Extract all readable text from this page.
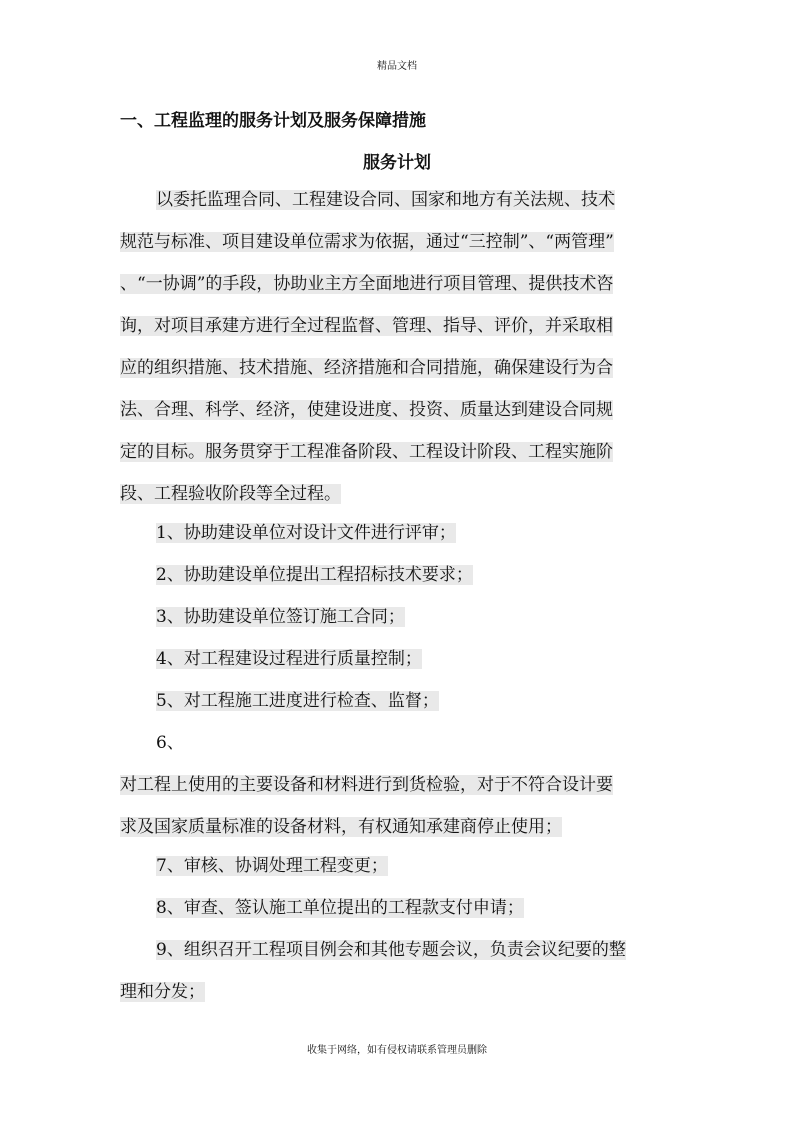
精品文档
一、工程监理的服务计划及服务保障措施
服务计划
以委托监理合同、工程建设合同、国家和地方有关法规、技术
规范与标准、项目建设单位需求为依据，通过“三控制”、“两管理”
、“一协调”的手段，协助业主方全面地进行项目管理、提供技术咨
询，对项目承建方进行全过程监督、管理、指导、评价，并采取相
应的组织措施、技术措施、经济措施和合同措施，确保建设行为合
法、合理、科学、经济，使建设进度、投资、质量达到建设合同规
定的目标。服务贯穿于工程准备阶段、工程设计阶段、工程实施阶
段、工程验收阶段等全过程。
1、协助建设单位对设计文件进行评审；
2、协助建设单位提出工程招标技术要求；
3、协助建设单位签订施工合同；
4、对工程建设过程进行质量控制；
5、对工程施工进度进行检查、监督；
6、
对工程上使用的主要设备和材料进行到货检验，对于不符合设计要
求及国家质量标准的设备材料，有权通知承建商停止使用；
7、审核、协调处理工程变更；
8、审查、签认施工单位提出的工程款支付申请；
9、组织召开工程项目例会和其他专题会议，负责会议纪要的整
理和分发；
收集于网络，如有侵权请联系管理员删除
